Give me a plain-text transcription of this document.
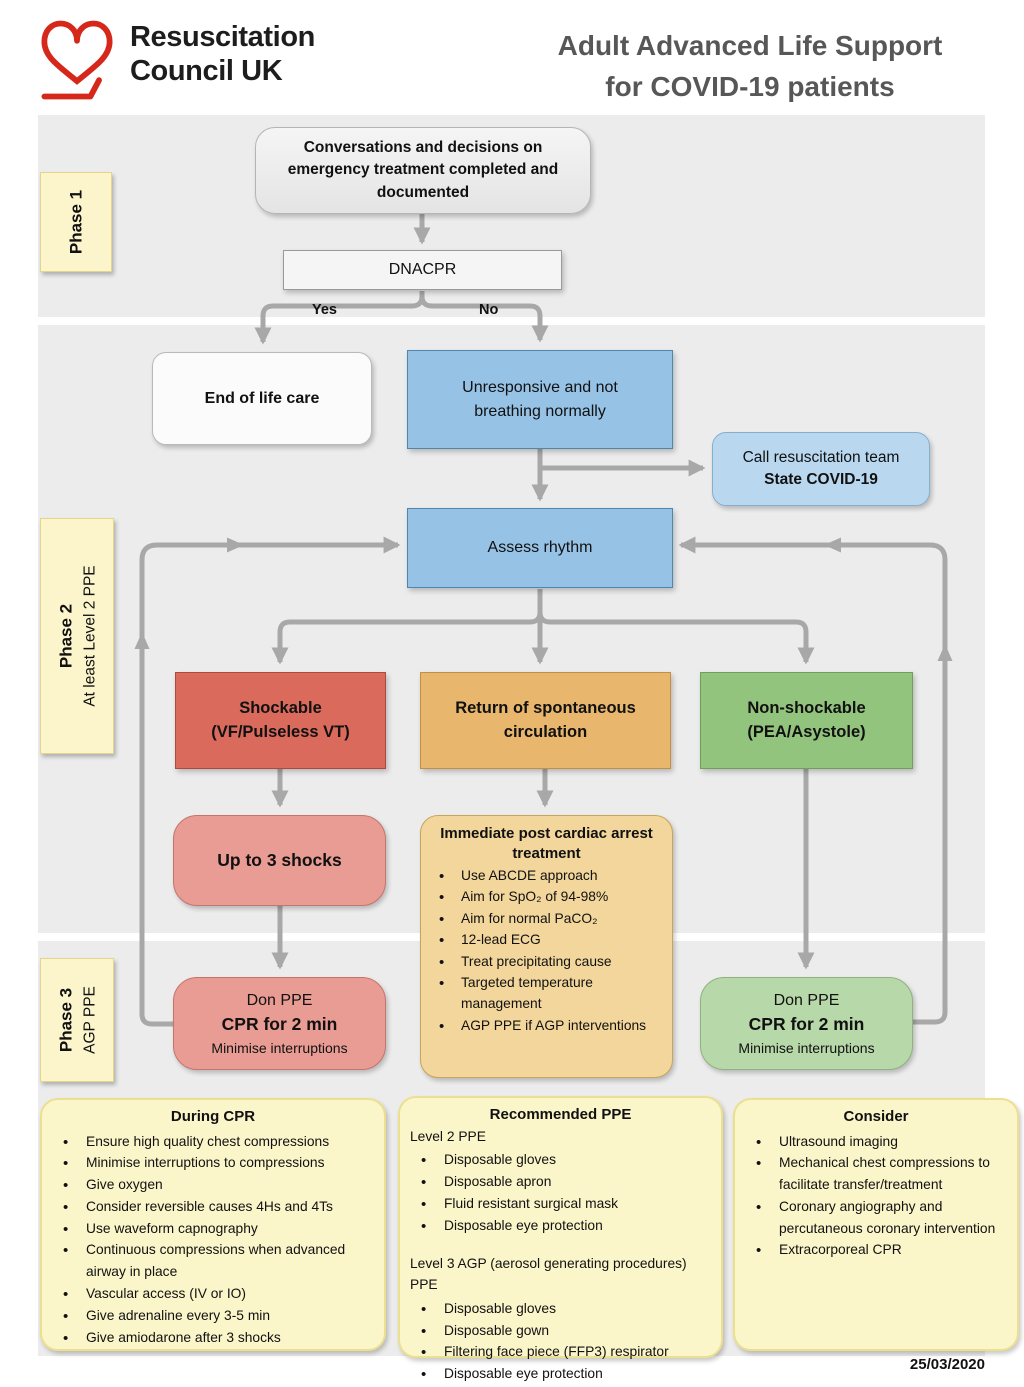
Resuscitation
Council UK
Adult Advanced Life Support
for COVID-19 patients
Phase 1
Phase 2 At least Level 2 PPE
Phase 3 AGP PPE
Conversations and decisions on emergency treatment completed and documented
DNACPR
Yes	No
End of life care
Unresponsive and not breathing normally
Call resuscitation team
State COVID-19
Assess rhythm
Shockable
(VF/Pulseless VT)
Return of spontaneous
circulation
Non-shockable
(PEA/Asystole)
Up to 3 shocks
Don PPE
CPR for 2 min
Minimise interruptions
Immediate post cardiac arrest treatment
• Use ABCDE approach
• Aim for SpO₂ of 94-98%
• Aim for normal PaCO₂
• 12-lead ECG
• Treat precipitating cause
• Targeted temperature management
• AGP PPE if AGP interventions
Don PPE
CPR for 2 min
Minimise interruptions
During CPR
• Ensure high quality chest compressions
• Minimise interruptions to compressions
• Give oxygen
• Consider reversible causes 4Hs and 4Ts
• Use waveform capnography
• Continuous compressions when advanced airway in place
• Vascular access (IV or IO)
• Give adrenaline every 3-5 min
• Give amiodarone after 3 shocks
Recommended PPE
Level 2 PPE
• Disposable gloves
• Disposable apron
• Fluid resistant surgical mask
• Disposable eye protection
Level 3 AGP (aerosol generating procedures) PPE
• Disposable gloves
• Disposable gown
• Filtering face piece (FFP3) respirator
• Disposable eye protection
Consider
• Ultrasound imaging
• Mechanical chest compressions to facilitate transfer/treatment
• Coronary angiography and percutaneous coronary intervention
• Extracorporeal CPR
25/03/2020
